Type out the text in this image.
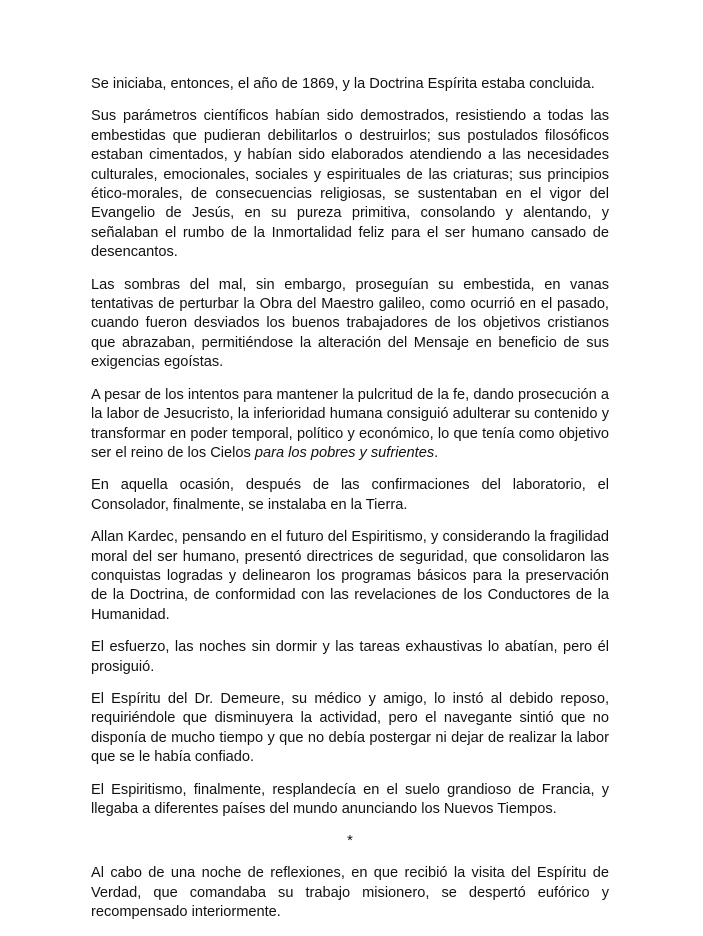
Se iniciaba, entonces, el año de 1869, y la Doctrina Espírita estaba concluida.

Sus parámetros científicos habían sido demostrados, resistiendo a todas las embestidas que pudieran debilitarlos o destruirlos; sus postulados filosóficos estaban cimentados, y habían sido elaborados atendiendo a las necesidades culturales, emocionales, sociales y espirituales de las criaturas; sus principios ético-morales, de consecuencias religiosas, se sustentaban en el vigor del Evangelio de Jesús, en su pureza primitiva, consolando y alentando, y señalaban el rumbo de la Inmortalidad feliz para el ser humano cansado de desencantos.

Las sombras del mal, sin embargo, proseguían su embestida, en vanas tentativas de perturbar la Obra del Maestro galileo, como ocurrió en el pasado, cuando fueron desviados los buenos trabajadores de los objetivos cristianos que abrazaban, permitiéndose la alteración del Mensaje en beneficio de sus exigencias egoístas.

A pesar de los intentos para mantener la pulcritud de la fe, dando prosecución a la labor de Jesucristo, la inferioridad humana consiguió adulterar su contenido y transformar en poder temporal, político y económico, lo que tenía como objetivo ser el reino de los Cielos para los pobres y sufrientes.

En aquella ocasión, después de las confirmaciones del laboratorio, el Consolador, finalmente, se instalaba en la Tierra.

Allan Kardec, pensando en el futuro del Espiritismo, y considerando la fragilidad moral del ser humano, presentó directrices de seguridad, que consolidaron las conquistas logradas y delinearon los programas básicos para la preservación de la Doctrina, de conformidad con las revelaciones de los Conductores de la Humanidad.

El esfuerzo, las noches sin dormir y las tareas exhaustivas lo abatían, pero él prosiguió.

El Espíritu del Dr. Demeure, su médico y amigo, lo instó al debido reposo, requiriéndole que disminuyera la actividad, pero el navegante sintió que no disponía de mucho tiempo y que no debía postergar ni dejar de realizar la labor que se le había confiado.

El Espiritismo, finalmente, resplandecía en el suelo grandioso de Francia, y llegaba a diferentes países del mundo anunciando los Nuevos Tiempos.

*

Al cabo de una noche de reflexiones, en que recibió la visita del Espíritu de Verdad, que comandaba su trabajo misionero, se despertó eufórico y recompensado interiormente.
